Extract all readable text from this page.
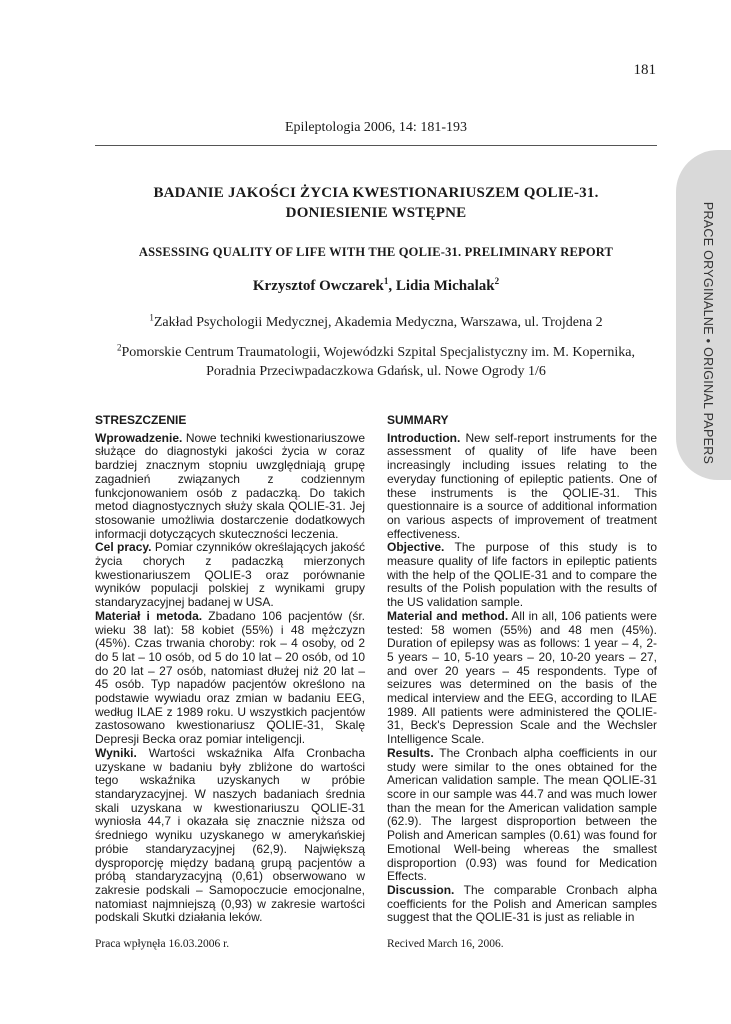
181
Epileptologia 2006, 14: 181-193
PRACE ORYGINALNE • ORIGINAL PAPERS
BADANIE JAKOŚCI ŻYCIA KWESTIONARIUSZEM QOLIE-31.
DONIESIENIE WSTĘPNE
ASSESSING QUALITY OF LIFE WITH THE QOLIE-31. PRELIMINARY REPORT
Krzysztof Owczarek$^1$, Lidia Michalak$^2$
$^1$Zakład Psychologii Medycznej, Akademia Medyczna, Warszawa, ul. Trojdena 2
$^2$Pomorskie Centrum Traumatologii, Wojewódzki Szpital Specjalistyczny im. M. Kopernika,
Poradnia Przeciwpadaczkowa Gdańsk, ul. Nowe Ogrody 1/6
STRESZCZENIE

Wprowadzenie. Nowe techniki kwestionariuszowe służące do diagnostyki jakości życia w coraz bardziej znacznym stopniu uwzględniają grupę zagadnień związanych z codziennym funkcjonowaniem osób z padaczką. Do takich metod diagnostycznych służy skala QOLIE-31. Jej stosowanie umożliwia dostarczenie dodatkowych informacji dotyczących skuteczności leczenia.

Cel pracy. Pomiar czynników określających jakość życia chorych z padaczką mierzonych kwestionariuszem QOLIE-3 oraz porównanie wyników populacji polskiej z wynikami grupy standaryzacyjnej badanej w USA.

Materiał i metoda. Zbadano 106 pacjentów (śr. wieku 38 lat): 58 kobiet (55%) i 48 mężczyzn (45%). Czas trwania choroby: rok – 4 osoby, od 2 do 5 lat – 10 osób, od 5 do 10 lat – 20 osób, od 10 do 20 lat – 27 osób, natomiast dłużej niż 20 lat – 45 osób. Typ napadów pacjentów określono na podstawie wywiadu oraz zmian w badaniu EEG, według ILAE z 1989 roku. U wszystkich pacjentów zastosowano kwestionariusz QOLIE-31, Skalę Depresji Becka oraz pomiar inteligencji.

Wyniki. Wartości wskaźnika Alfa Cronbacha uzyskane w badaniu były zbliżone do wartości tego wskaźnika uzyskanych w próbie standaryzacyjnej. W naszych badaniach średnia skali uzyskana w kwestionariuszu QOLIE-31 wyniosła 44,7 i okazała się znacznie niższa od średniego wyniku uzyskanego w amerykańskiej próbie standaryzacyjnej (62,9). Największą dysproporcję między badaną grupą pacjentów a próbą standaryzacyjną (0,61) obserwowano w zakresie podskali – Samopoczucie emocjonalne, natomiast najmniejszą (0,93) w zakresie wartości podskali Skutki działania leków.

SUMMARY

Introduction. New self-report instruments for the assessment of quality of life have been increasingly including issues relating to the everyday functioning of epileptic patients. One of these instruments is the QOLIE-31. This questionnaire is a source of additional information on various aspects of improvement of treatment effectiveness.

Objective. The purpose of this study is to measure quality of life factors in epileptic patients with the help of the QOLIE-31 and to compare the results of the Polish population with the results of the US validation sample.

Material and method. All in all, 106 patients were tested: 58 women (55%) and 48 men (45%). Duration of epilepsy was as follows: 1 year – 4, 2-5 years – 10, 5-10 years – 20, 10-20 years – 27, and over 20 years – 45 respondents. Type of seizures was determined on the basis of the medical interview and the EEG, according to ILAE 1989. All patients were administered the QOLIE-31, Beck's Depression Scale and the Wechsler Intelligence Scale.

Results. The Cronbach alpha coefficients in our study were similar to the ones obtained for the American validation sample. The mean QOLIE-31 score in our sample was 44.7 and was much lower than the mean for the American validation sample (62.9). The largest disproportion between the Polish and American samples (0.61) was found for Emotional Well-being whereas the smallest disproportion (0.93) was found for Medication Effects.

Discussion. The comparable Cronbach alpha coefficients for the Polish and American samples suggest that the QOLIE-31 is just as reliable in

Praca wpłynęła 16.03.2006 r.	Recived March 16, 2006.
